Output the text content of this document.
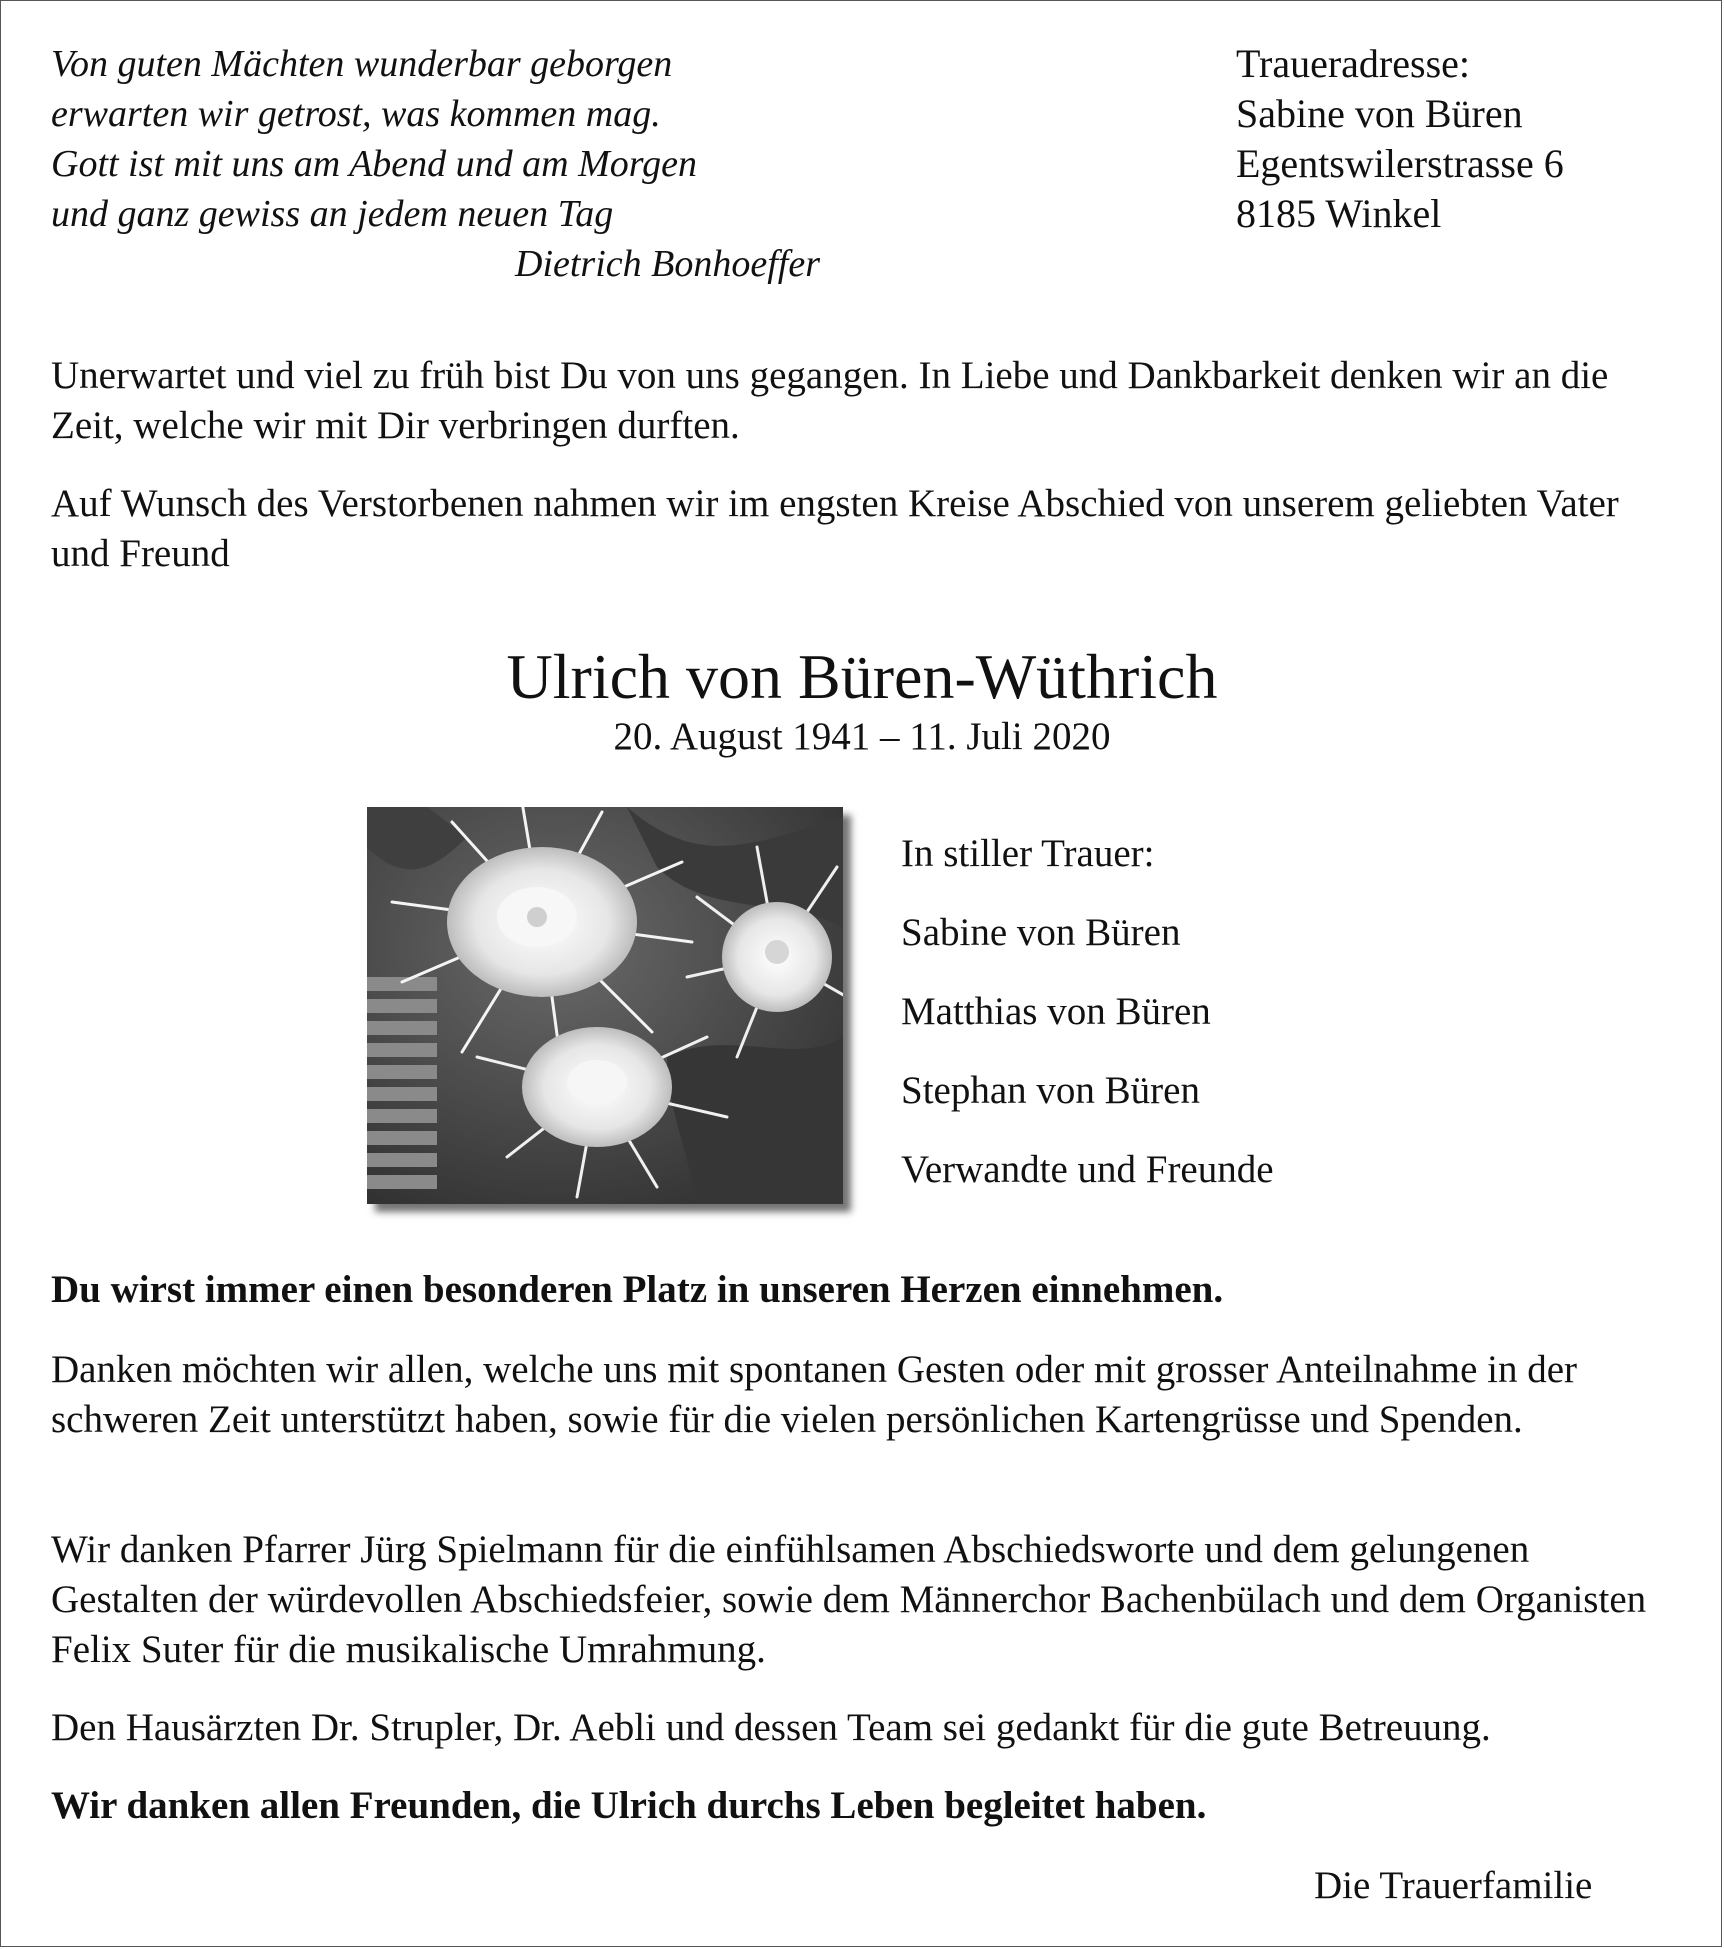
Von guten Mächten wunderbar geborgen
erwarten wir getrost, was kommen mag.
Gott ist mit uns am Abend und am Morgen
und ganz gewiss an jedem neuen Tag
Dietrich Bonhoeffer
Traueradresse:
Sabine von Büren
Egentswilerstrasse 6
8185 Winkel
Unerwartet und viel zu früh bist Du von uns gegangen. In Liebe und Dankbarkeit denken wir an die Zeit, welche wir mit Dir verbringen durften.
Auf Wunsch des Verstorbenen nahmen wir im engsten Kreise Abschied von unserem geliebten Vater und Freund
Ulrich von Büren-Wüthrich
20. August 1941 – 11. Juli 2020
In stiller Trauer:
Sabine von Büren
Matthias von Büren
Stephan von Büren
Verwandte und Freunde
Du wirst immer einen besonderen Platz in unseren Herzen einnehmen.
Danken möchten wir allen, welche uns mit spontanen Gesten oder mit grosser Anteilnahme in der schweren Zeit unterstützt haben, sowie für die vielen persönlichen Kartengrüsse und Spenden.
Wir danken Pfarrer Jürg Spielmann für die einfühlsamen Abschiedsworte und dem gelungenen Gestalten der würdevollen Abschiedsfeier, sowie dem Männerchor Bachenbülach und dem Organisten Felix Suter für die musikalische Umrahmung.
Den Hausärzten Dr. Strupler, Dr. Aebli und dessen Team sei gedankt für die gute Betreuung.
Wir danken allen Freunden, die Ulrich durchs Leben begleitet haben.
Die Trauerfamilie
